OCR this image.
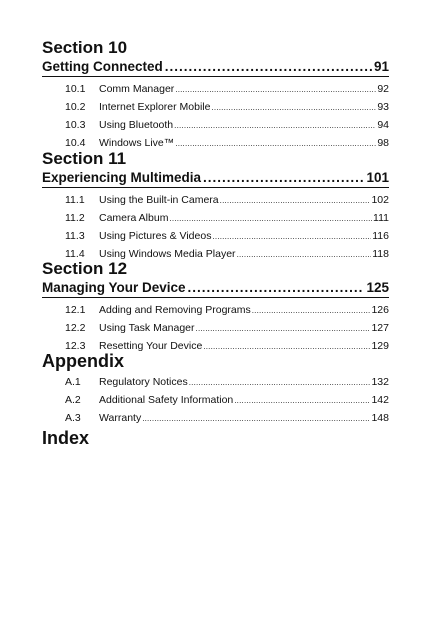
Section 10
Getting Connected .....	91
10.1	Comm Manager .....	92
10.2	Internet Explorer Mobile .....	93
10.3	Using Bluetooth .....	94
10.4	Windows Live™ .....	98
Section 11
Experiencing Multimedia .....	101
11.1	Using the Built-in Camera .....	102
11.2	Camera Album .....	111
11.3	Using Pictures & Videos .....	116
11.4	Using Windows Media Player .....	118
Section 12
Managing Your Device .....	125
12.1	Adding and Removing Programs .....	126
12.2	Using Task Manager .....	127
12.3	Resetting Your Device .....	129
Appendix
A.1	Regulatory Notices .....	132
A.2	Additional Safety Information .....	142
A.3	Warranty .....	148
Index
